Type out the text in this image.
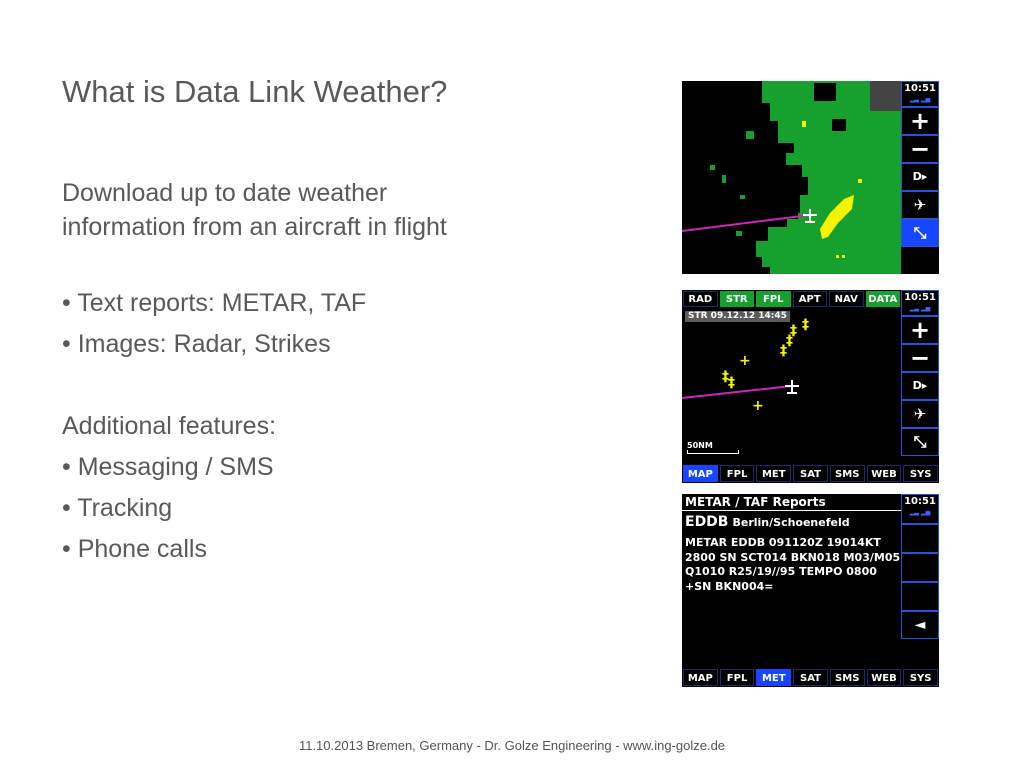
What is Data Link Weather?
Download up to date weather
information from an aircraft in flight
• Text reports: METAR, TAF
• Images: Radar, Strikes
Additional features:
• Messaging / SMS
• Tracking
• Phone calls
11.10.2013 Bremen, Germany - Dr. Golze Engineering - www.ing-golze.de
10:51
▂▃ ▂▅
+
−
D▸
✈
⤡
RAD	STR	FPL	APT	NAV	DATA
STR 09.12.12 14:45
‡
‡
‡
‡
+
‡ ‡
+
50NM
10:51
▂▃ ▂▅
+
−
D▸
✈
⤡
MAP	FPL	MET	SAT	SMS	WEB	SYS
METAR / TAF Reports
EDDB Berlin/Schoenefeld
METAR EDDB 091120Z 19014KT
2800 SN SCT014 BKN018 M03/M05
Q1010 R25/19//95 TEMPO 0800
+SN BKN004=
10:51
▂▃ ▂▅
◄
MAP	FPL	MET	SAT	SMS	WEB	SYS
